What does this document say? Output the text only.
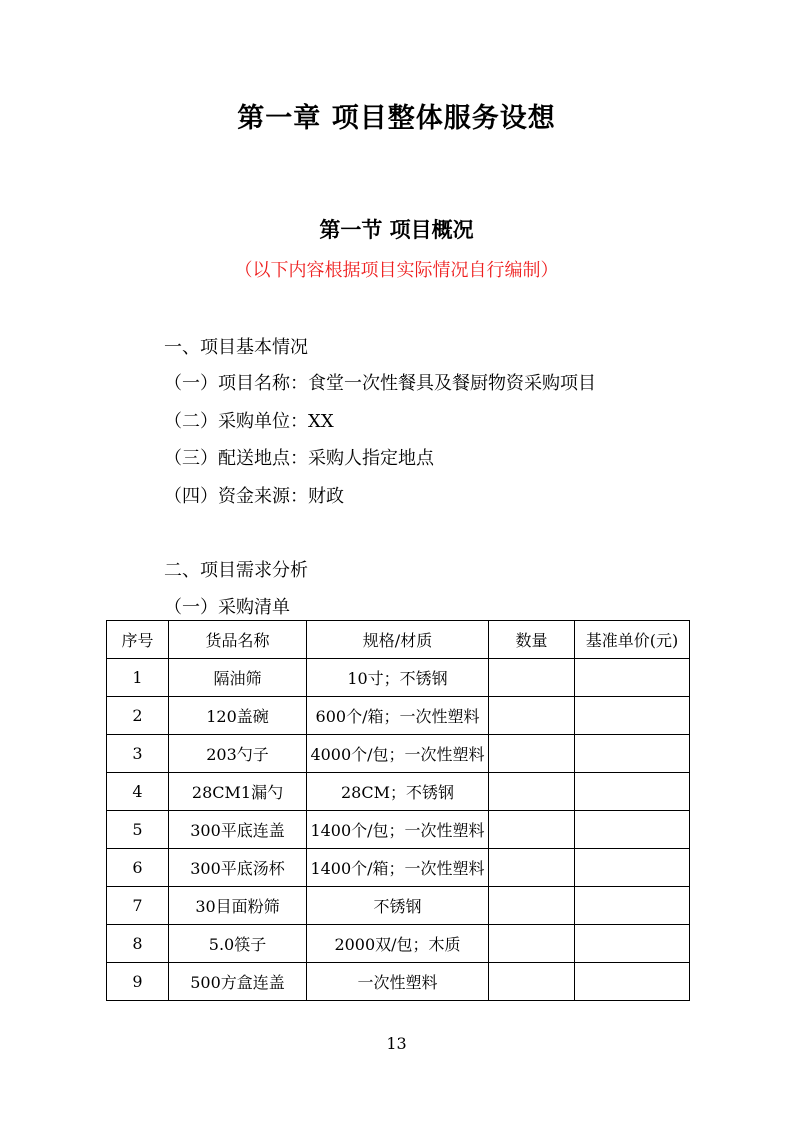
第一章 项目整体服务设想
第一节 项目概况
（以下内容根据项目实际情况自行编制）
一、项目基本情况
（一）项目名称：食堂一次性餐具及餐厨物资采购项目
（二）采购单位：XX
（三）配送地点：采购人指定地点
（四）资金来源：财政
二、项目需求分析
（一）采购清单
序号	货品名称	规格/材质	数量	基准单价(元)
1	隔油筛	10寸；不锈钢		
2	120盖碗	600个/箱；一次性塑料		
3	203勺子	4000个/包；一次性塑料		
4	28CM1漏勺	28CM；不锈钢		
5	300平底连盖	1400个/包；一次性塑料		
6	300平底汤杯	1400个/箱；一次性塑料		
7	30目面粉筛	不锈钢		
8	5.0筷子	2000双/包；木质		
9	500方盒连盖	一次性塑料		
13
